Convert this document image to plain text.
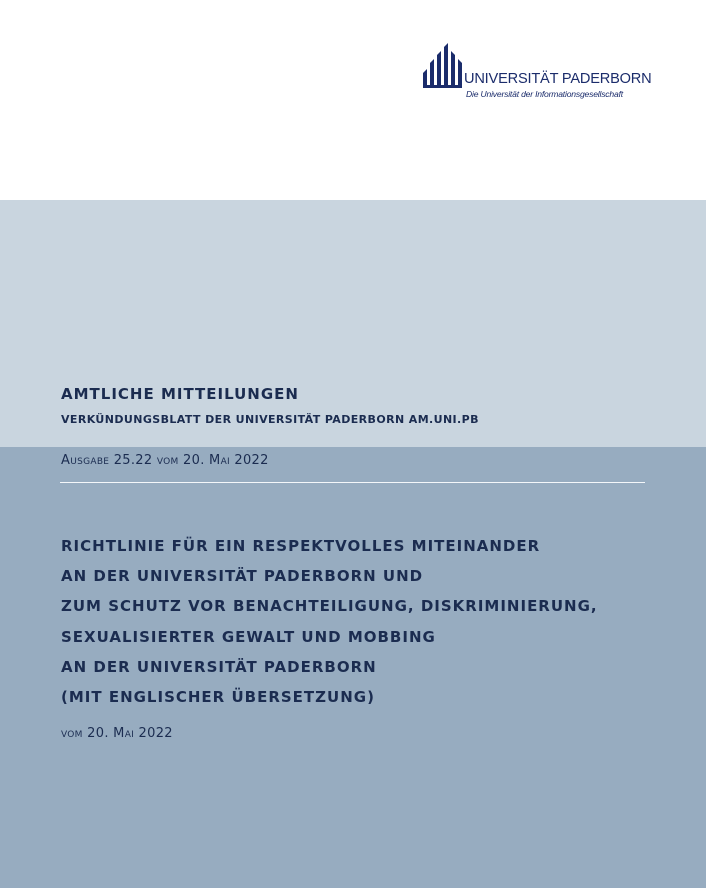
UNIVERSITÄT PADERBORN
Die Universität der Informationsgesellschaft
AMTLICHE MITTEILUNGEN
VERKÜNDUNGSBLATT DER UNIVERSITÄT PADERBORN AM.UNI.PB
Ausgabe 25.22 vom 20. Mai 2022
RICHTLINIE FÜR EIN RESPEKTVOLLES MITEINANDER
AN DER UNIVERSITÄT PADERBORN UND
ZUM SCHUTZ VOR BENACHTEILIGUNG, DISKRIMINIERUNG,
SEXUALISIERTER GEWALT UND MOBBING
AN DER UNIVERSITÄT PADERBORN
(MIT ENGLISCHER ÜBERSETZUNG)
vom 20. Mai 2022
